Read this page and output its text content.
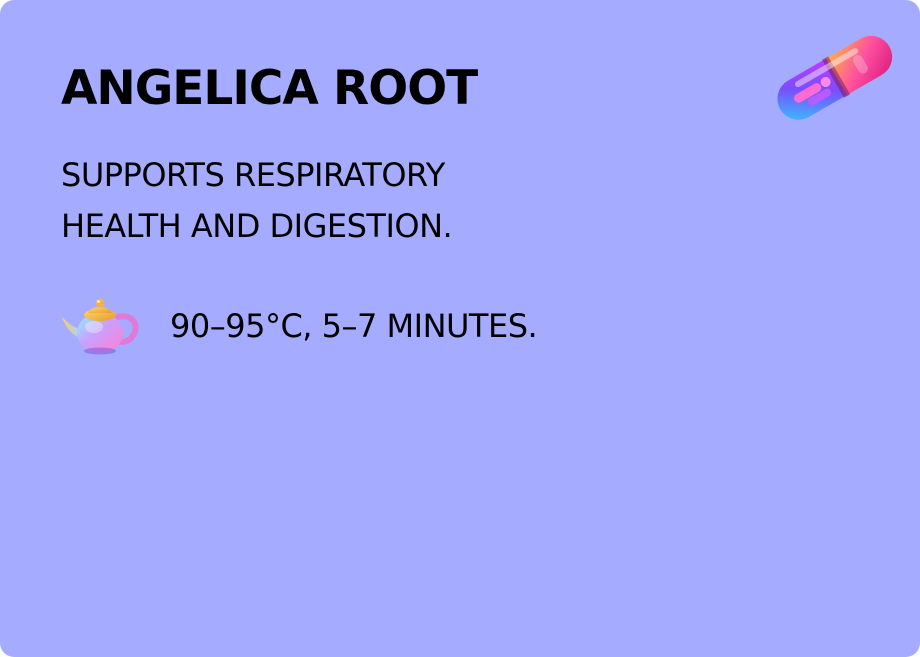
ANGELICA ROOT

SUPPORTS RESPIRATORY
HEALTH AND DIGESTION.

90–95°C, 5–7 MINUTES.
